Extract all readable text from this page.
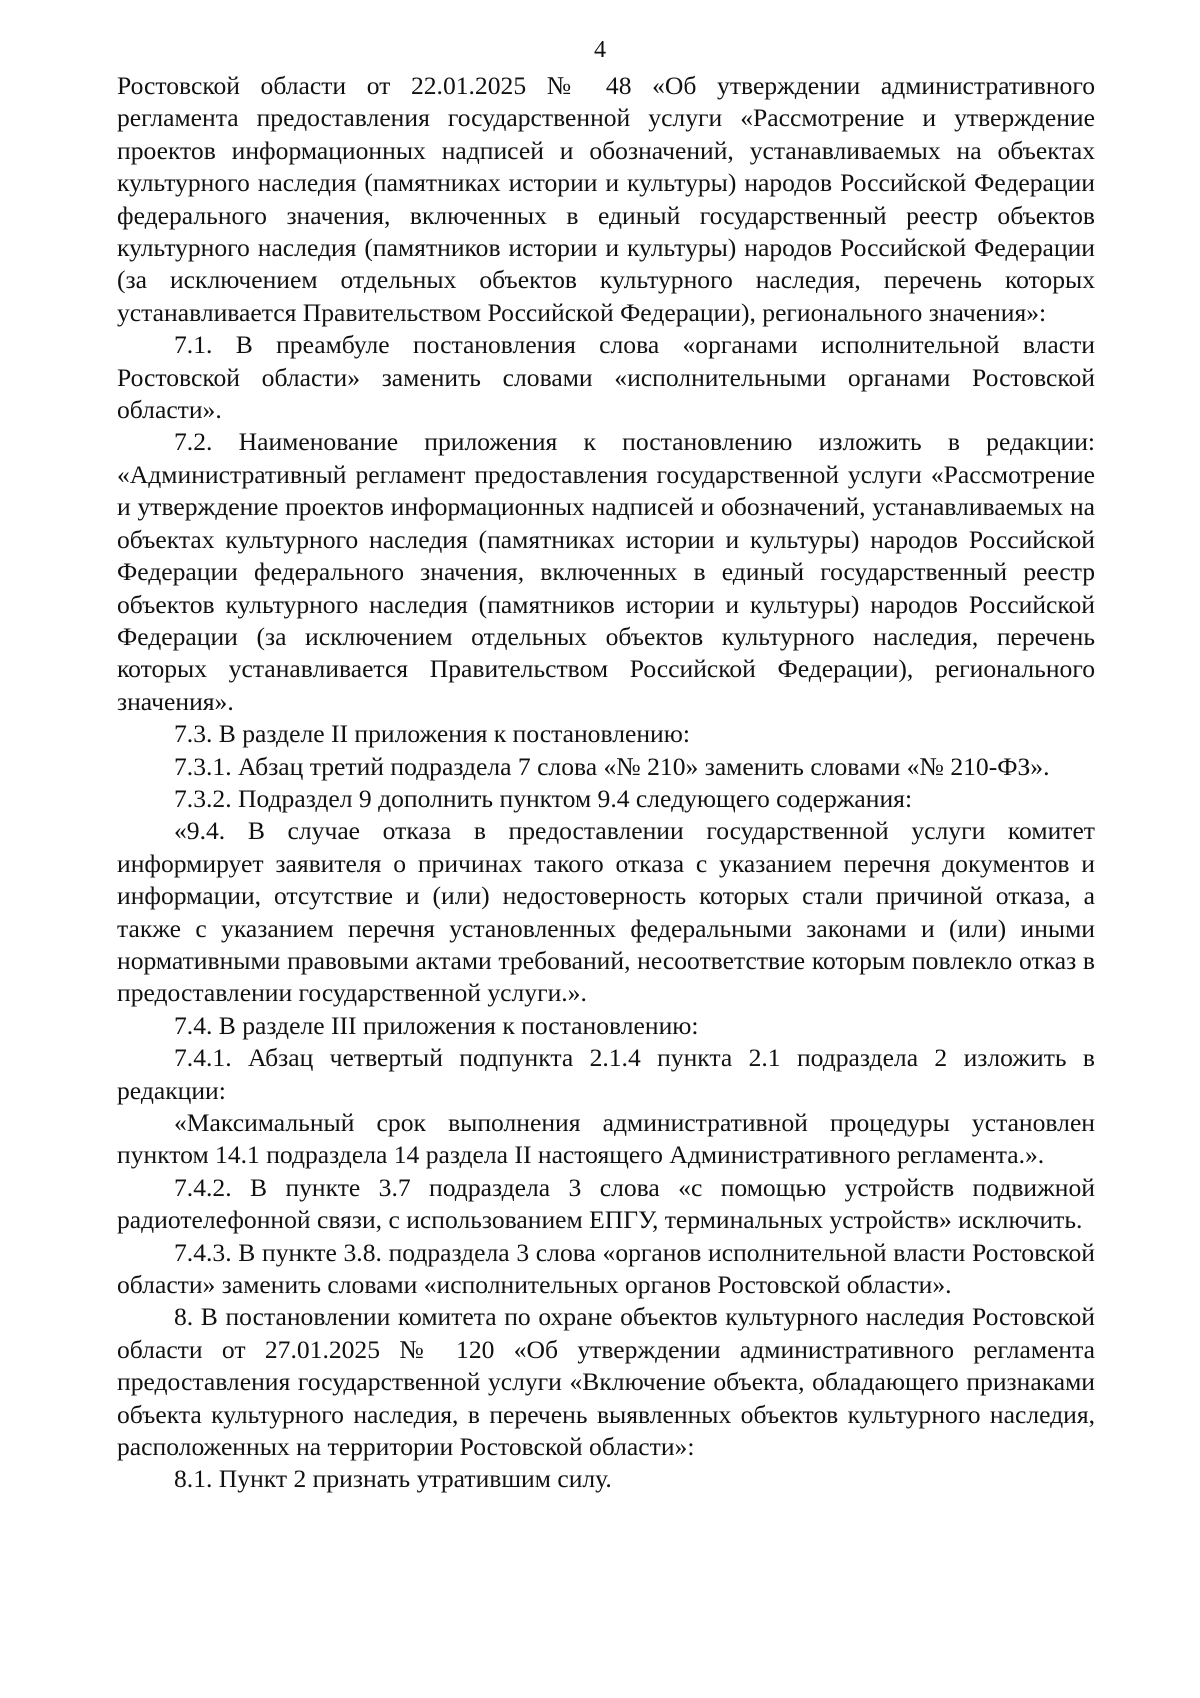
4

Ростовской области от 22.01.2025 № 48 «Об утверждении административного регламента предоставления государственной услуги «Рассмотрение и утверждение проектов информационных надписей и обозначений, устанавливаемых на объектах культурного наследия (памятниках истории и культуры) народов Российской Федерации федерального значения, включенных в единый государственный реестр объектов культурного наследия (памятников истории и культуры) народов Российской Федерации (за исключением отдельных объектов культурного наследия, перечень которых устанавливается Правительством Российской Федерации), регионального значения»:

7.1. В преамбуле постановления слова «органами исполнительной власти Ростовской области» заменить словами «исполнительными органами Ростовской области».

7.2. Наименование приложения к постановлению изложить в редакции: «Административный регламент предоставления государственной услуги «Рассмотрение и утверждение проектов информационных надписей и обозначений, устанавливаемых на объектах культурного наследия (памятниках истории и культуры) народов Российской Федерации федерального значения, включенных в единый государственный реестр объектов культурного наследия (памятников истории и культуры) народов Российской Федерации (за исключением отдельных объектов культурного наследия, перечень которых устанавливается Правительством Российской Федерации), регионального значения».

7.3. В разделе II приложения к постановлению:

7.3.1. Абзац третий подраздела 7 слова «№ 210» заменить словами «№ 210-ФЗ».

7.3.2. Подраздел 9 дополнить пунктом 9.4 следующего содержания:

«9.4. В случае отказа в предоставлении государственной услуги комитет информирует заявителя о причинах такого отказа с указанием перечня документов и информации, отсутствие и (или) недостоверность которых стали причиной отказа, а также с указанием перечня установленных федеральными законами и (или) иными нормативными правовыми актами требований, несоответствие которым повлекло отказ в предоставлении государственной услуги.».

7.4. В разделе III приложения к постановлению:

7.4.1. Абзац четвертый подпункта 2.1.4 пункта 2.1 подраздела 2 изложить в редакции:

«Максимальный срок выполнения административной процедуры установлен пунктом 14.1 подраздела 14 раздела II настоящего Административного регламента.».

7.4.2. В пункте 3.7 подраздела 3 слова «с помощью устройств подвижной радиотелефонной связи, с использованием ЕПГУ, терминальных устройств» исключить.

7.4.3. В пункте 3.8. подраздела 3 слова «органов исполнительной власти Ростовской области» заменить словами «исполнительных органов Ростовской области».

8. В постановлении комитета по охране объектов культурного наследия Ростовской области от 27.01.2025 № 120 «Об утверждении административного регламента предоставления государственной услуги «Включение объекта, обладающего признаками объекта культурного наследия, в перечень выявленных объектов культурного наследия, расположенных на территории Ростовской области»:

8.1. Пункт 2 признать утратившим силу.
